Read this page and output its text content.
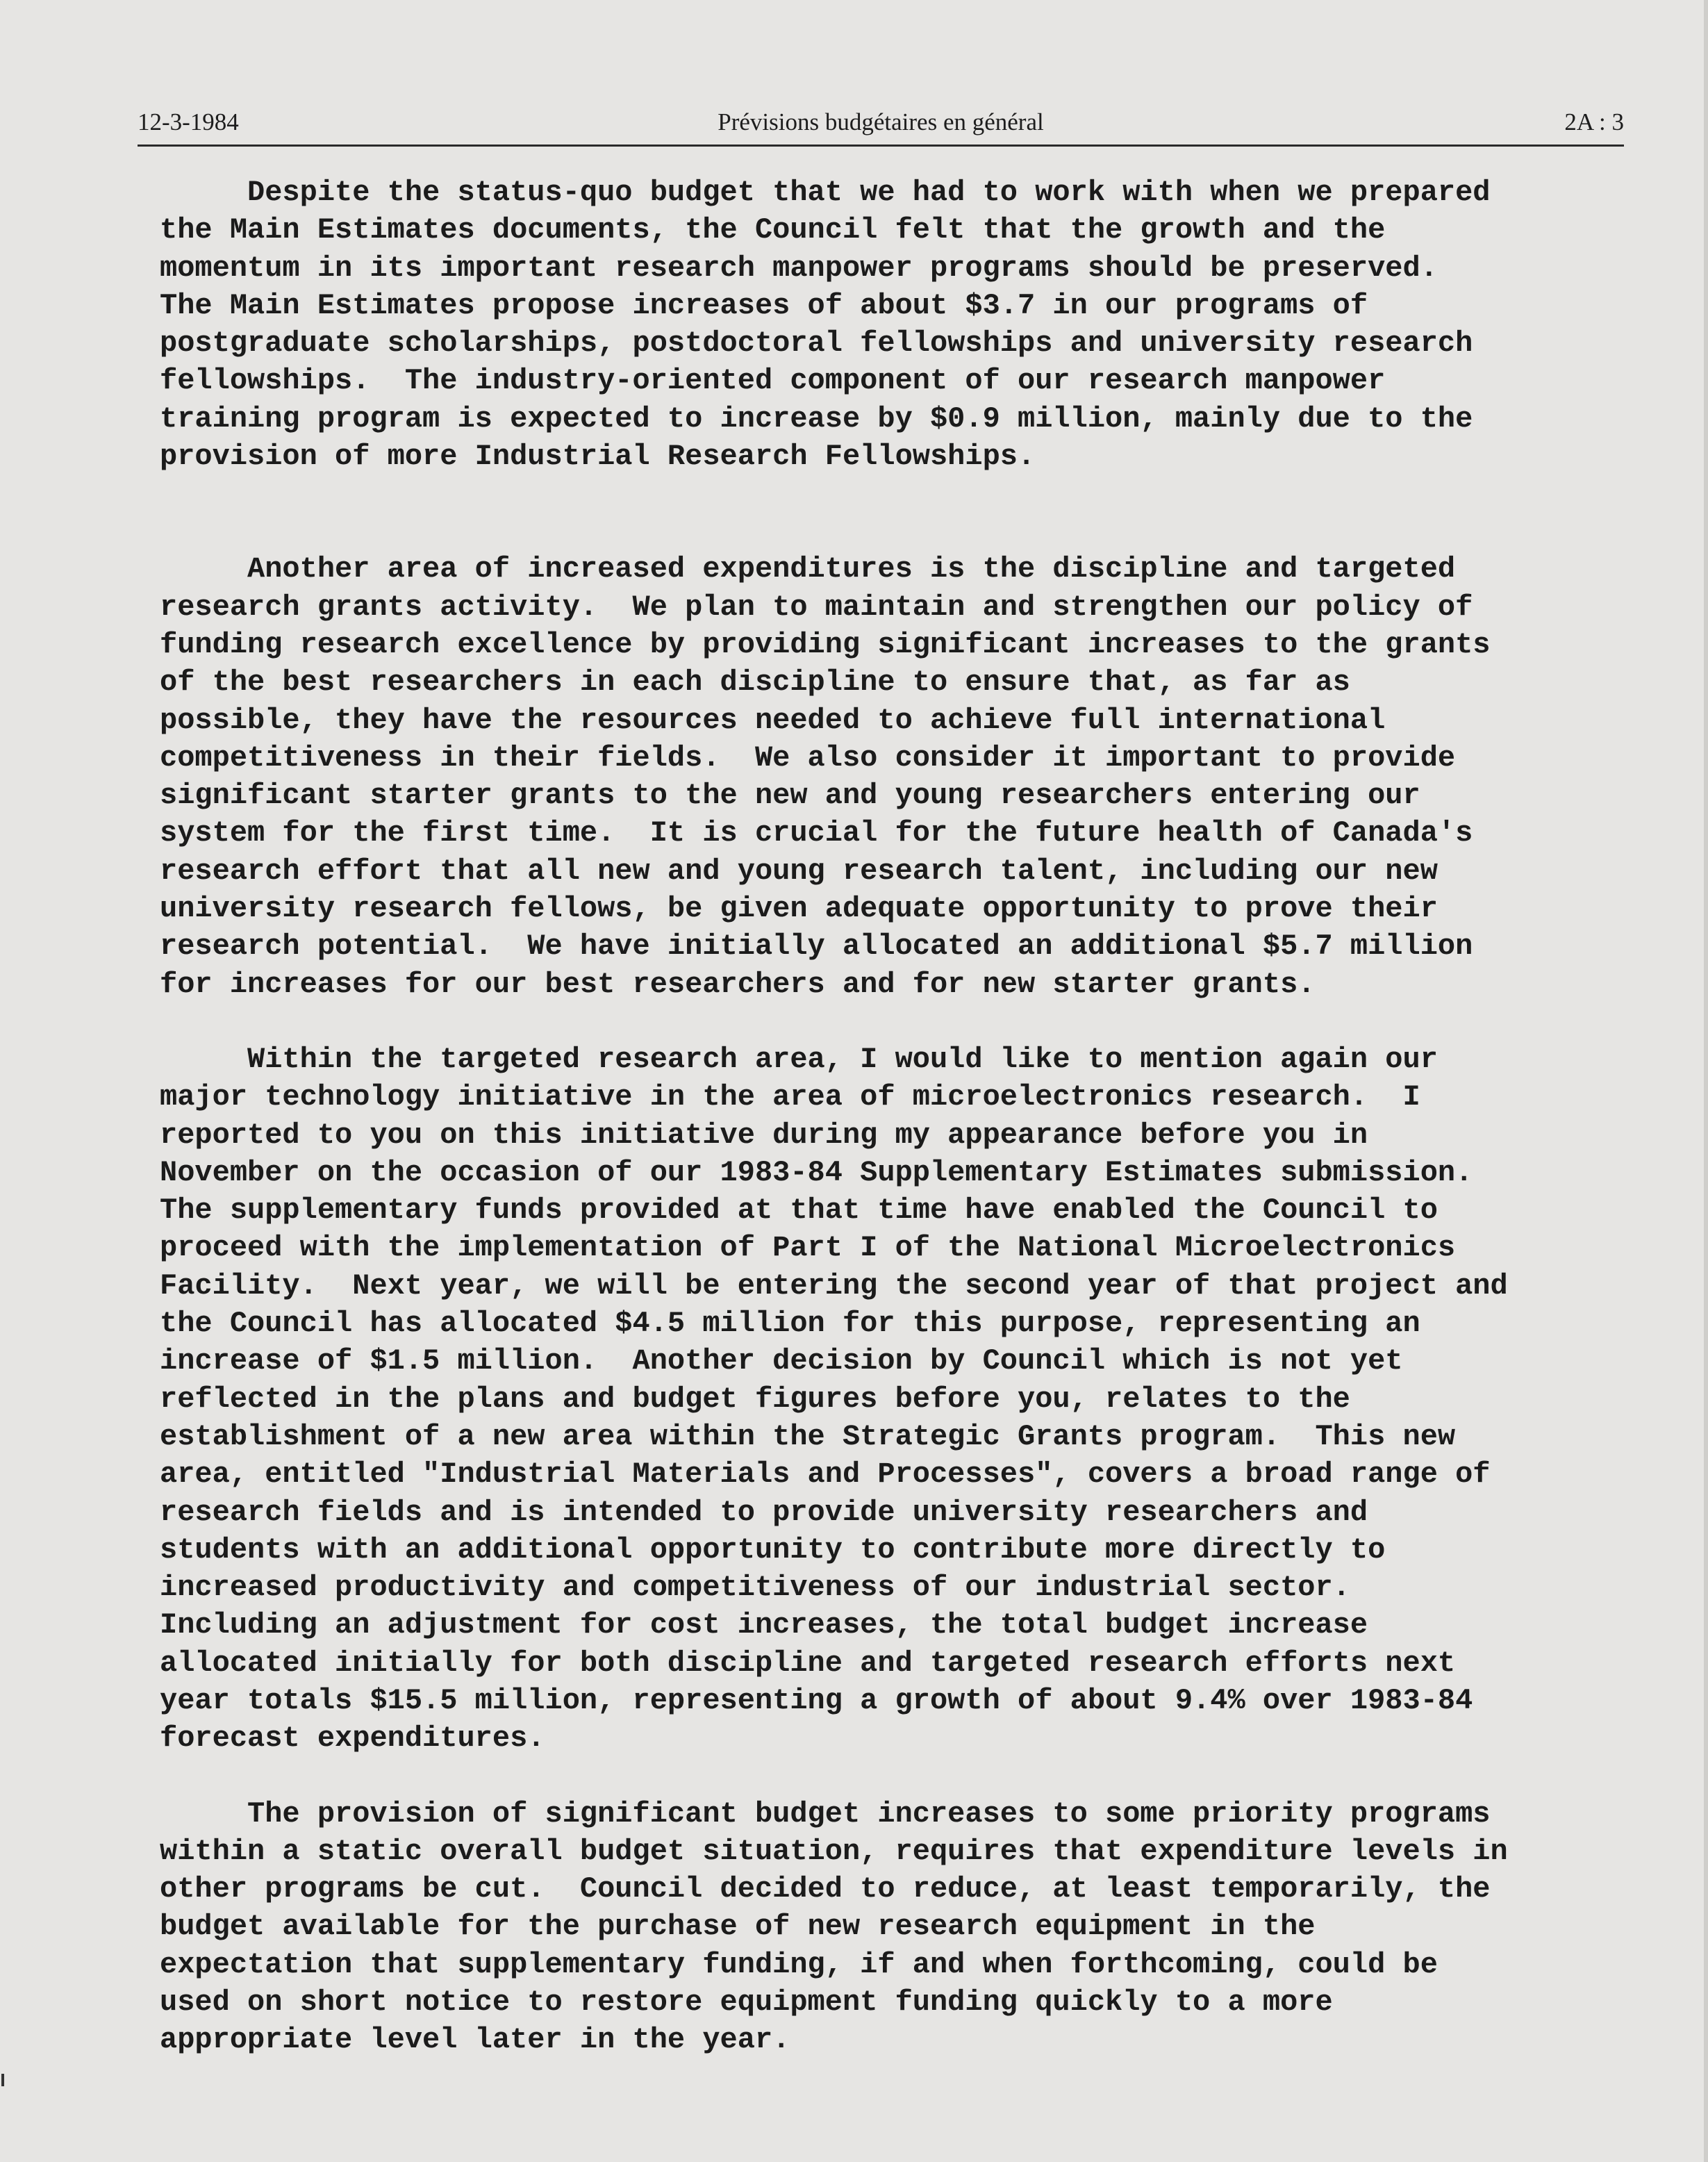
Prévisions budgétaires en général
12-3-1984	2A : 3

Despite the status-quo budget that we had to work with when we prepared
the Main Estimates documents, the Council felt that the growth and the
momentum in its important research manpower programs should be preserved.
The Main Estimates propose increases of about $3.7 in our programs of
postgraduate scholarships, postdoctoral fellowships and university research
fellowships.  The industry-oriented component of our research manpower
training program is expected to increase by $0.9 million, mainly due to the
provision of more Industrial Research Fellowships.

Another area of increased expenditures is the discipline and targeted
research grants activity.  We plan to maintain and strengthen our policy of
funding research excellence by providing significant increases to the grants
of the best researchers in each discipline to ensure that, as far as
possible, they have the resources needed to achieve full international
competitiveness in their fields.  We also consider it important to provide
significant starter grants to the new and young researchers entering our
system for the first time.  It is crucial for the future health of Canada's
research effort that all new and young research talent, including our new
university research fellows, be given adequate opportunity to prove their
research potential.  We have initially allocated an additional $5.7 million
for increases for our best researchers and for new starter grants.

Within the targeted research area, I would like to mention again our
major technology initiative in the area of microelectronics research.  I
reported to you on this initiative during my appearance before you in
November on the occasion of our 1983-84 Supplementary Estimates submission.
The supplementary funds provided at that time have enabled the Council to
proceed with the implementation of Part I of the National Microelectronics
Facility.  Next year, we will be entering the second year of that project and
the Council has allocated $4.5 million for this purpose, representing an
increase of $1.5 million.  Another decision by Council which is not yet
reflected in the plans and budget figures before you, relates to the
establishment of a new area within the Strategic Grants program.  This new
area, entitled "Industrial Materials and Processes", covers a broad range of
research fields and is intended to provide university researchers and
students with an additional opportunity to contribute more directly to
increased productivity and competitiveness of our industrial sector.
Including an adjustment for cost increases, the total budget increase
allocated initially for both discipline and targeted research efforts next
year totals $15.5 million, representing a growth of about 9.4% over 1983-84
forecast expenditures.

The provision of significant budget increases to some priority programs
within a static overall budget situation, requires that expenditure levels in
other programs be cut.  Council decided to reduce, at least temporarily, the
budget available for the purchase of new research equipment in the
expectation that supplementary funding, if and when forthcoming, could be
used on short notice to restore equipment funding quickly to a more
appropriate level later in the year.
